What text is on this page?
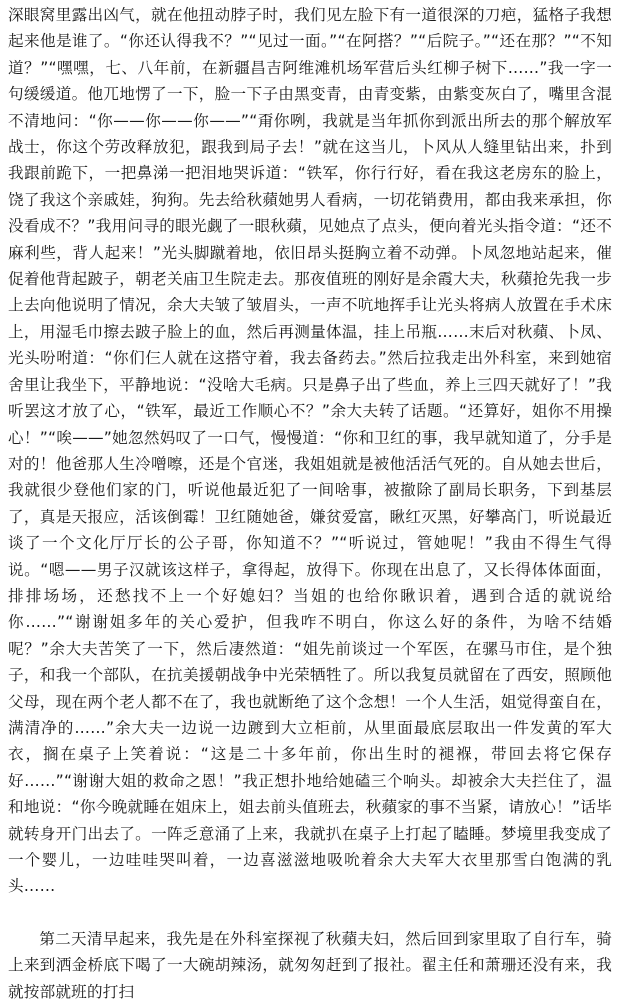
深眼窝里露出凶气，就在他扭动脖子时，我们见左脸下有一道很深的刀疤，猛格子我想起来他是谁了。“你还认得我不？”“见过一面。”“在阿搭？”“后院子。”“还在那？”“不知道？”“嘿嘿，七、八年前，在新疆昌吉阿维滩机场军营后头红柳子树下……”我一字一句缓缓道。他兀地愣了一下，脸一下子由黑变青，由青变紫，由紫变灰白了，嘴里含混不清地问：“你——你——你——”“甭你咧，我就是当年抓你到派出所去的那个解放军战士，你这个劳改释放犯，跟我到局子去！”就在这当儿，卜风从人缝里钻出来，扑到我跟前跪下，一把鼻涕一把泪地哭诉道：“铁军，你行行好，看在我这老房东的脸上，饶了我这个亲戚娃，狗狗。先去给秋蘋她男人看病，一切花销费用，都由我来承担，你没看成不？”我用问寻的眼光觑了一眼秋蘋，见她点了点头，便向着光头指令道：“还不麻利些，背人起来！”光头脚蹴着地，依旧昂头挺胸立着不动弹。卜凤忽地站起来，催促着他背起跛子，朝老关庙卫生院走去。那夜值班的刚好是余霞大夫，秋蘋抢先我一步上去向他说明了情况，余大夫皱了皱眉头，一声不吭地挥手让光头将病人放置在手术床上，用湿毛巾擦去跛子脸上的血，然后再测量体温，挂上吊瓶……末后对秋蘋、卜凤、光头吩咐道：“你们仨人就在这搭守着，我去备药去。”然后拉我走出外科室，来到她宿舍里让我坐下，平静地说：“没啥大毛病。只是鼻子出了些血，养上三四天就好了！”我听罢这才放了心，“铁军，最近工作顺心不？”余大夫转了话题。“还算好，姐你不用操心！”“唉——”她忽然妈叹了一口气，慢慢道：“你和卫红的事，我早就知道了，分手是对的！他爸那人生冷噌嚓，还是个官迷，我姐姐就是被他活活气死的。自从她去世后，我就很少登他们家的门，听说他最近犯了一间啥事，被撤除了副局长职务，下到基层了，真是天报应，活该倒霉！卫红随她爸，嫌贫爱富，瞅红灭黑，好攀高门，听说最近谈了一个文化厅厅长的公子哥，你知道不？”“听说过，管她呢！”我由不得生气得说。“嗯——男子汉就该这样子，拿得起，放得下。你现在出息了，又长得体体面面，排排场场，还愁找不上一个好媳妇？当姐的也给你瞅识着，遇到合适的就说给你……”“谢谢姐多年的关心爱护，但我咋不明白，你这么好的条件，为啥不结婚呢？”余大夫苦笑了一下，然后凄然道：“姐先前谈过一个军医，在骡马市住，是个独子，和我一个部队，在抗美援朝战争中光荣牺牲了。所以我复员就留在了西安，照顾他父母，现在两个老人都不在了，我也就断绝了这个念想！一个人生活，姐觉得蛮自在，满清净的……”余大夫一边说一边踱到大立柜前，从里面最底层取出一件发黄的军大衣，搁在桌子上笑着说：“这是二十多年前，你出生时的褪褓，带回去将它保存好……”“谢谢大姐的救命之恩！”我正想扑地给她磕三个响头。却被余大夫拦住了，温和地说：“你今晚就睡在姐床上，姐去前头值班去，秋蘋家的事不当紧，请放心！”话毕就转身开门出去了。一阵乏意涌了上来，我就扒在桌子上打起了瞌睡。梦境里我变成了一个婴儿，一边哇哇哭叫着，一边喜滋滋地吸吮着余大夫军大衣里那雪白饱满的乳头……

第二天清早起来，我先是在外科室探视了秋蘋夫妇，然后回到家里取了自行车，骑上来到洒金桥底下喝了一大碗胡辣汤，就匆匆赶到了报社。翟主任和萧珊还没有来，我就按部就班的打扫
